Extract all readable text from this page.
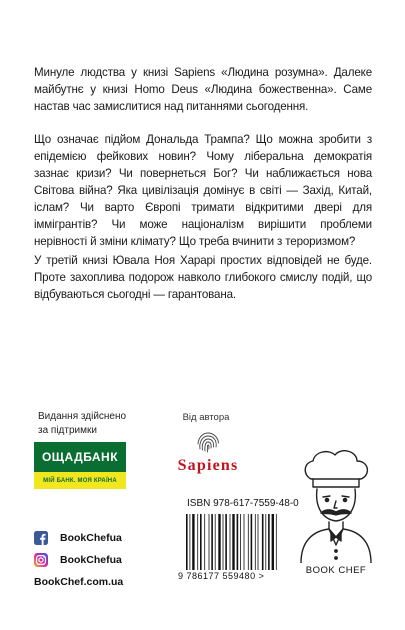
Минуле людства у книзі Sapiens «Людина розумна». Далеке майбутнє у книзі Homo Deus «Людина божественна». Саме настав час замислитися над питаннями сьогодення.
Що означає підйом Дональда Трампа? Що можна зробити з епідемією фейкових новин? Чому ліберальна демократія зазнає кризи? Чи повернеться Бог? Чи наближається нова Світова війна? Яка цивілізація домінує в світі — Захід, Китай, іслам? Чи варто Європі тримати відкритими двері для іммігрантів? Чи може націоналізм вирішити проблеми нерівності й зміни клімату? Що треба вчинити з тероризмом?
У третій книзі Ювала Ноя Харарі простих відповідей не буде. Проте захоплива подорож навколо глибокого смислу подій, що відбуваються сьогодні — гарантована.
Видання здійснено
за підтримки
ОЩАДБАНК
МІЙ БАНК. МОЯ КРАЇНА
BookChefua
BookChefua
BookChef.com.ua
Від автора
Sapiens
ISBN 978-617-7559-48-0
9 786177 559480 >	BOOK CHEF
